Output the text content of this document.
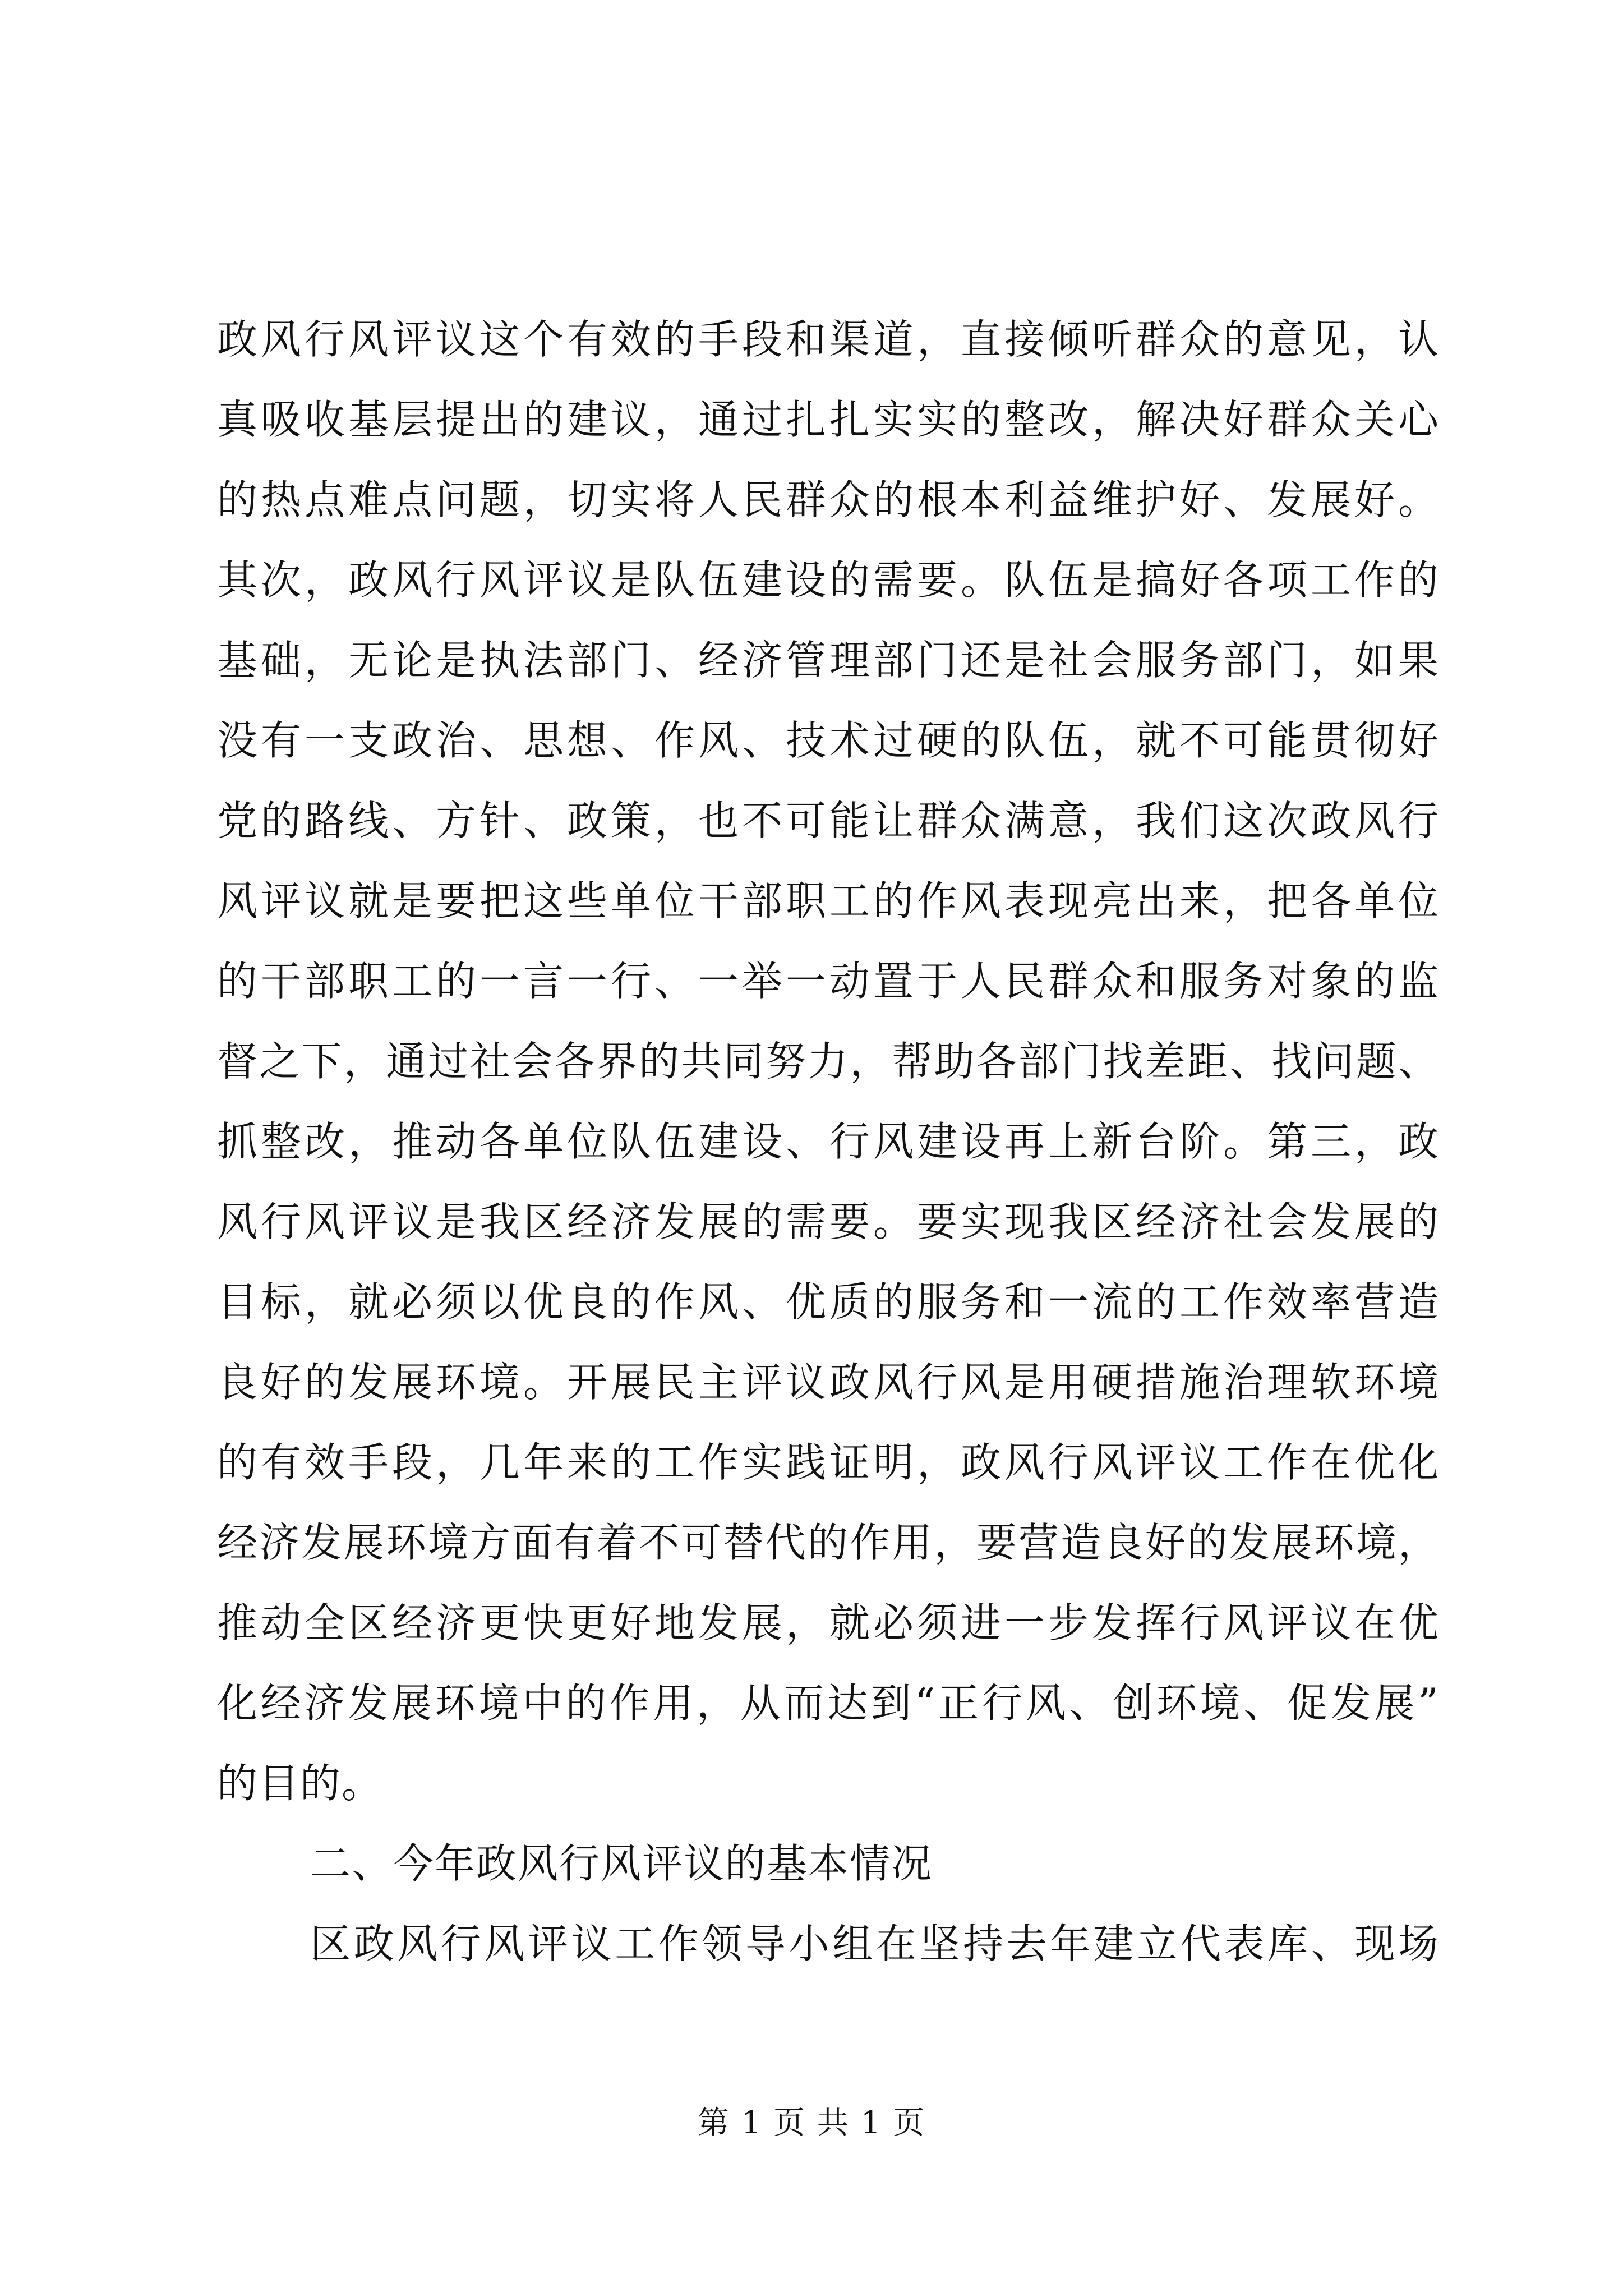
政风行风评议这个有效的手段和渠道，直接倾听群众的意见，认
真吸收基层提出的建议，通过扎扎实实的整改，解决好群众关心
的热点难点问题，切实将人民群众的根本利益维护好、发展好。
其次，政风行风评议是队伍建设的需要。队伍是搞好各项工作的
基础，无论是执法部门、经济管理部门还是社会服务部门，如果
没有一支政治、思想、作风、技术过硬的队伍，就不可能贯彻好
党的路线、方针、政策，也不可能让群众满意，我们这次政风行
风评议就是要把这些单位干部职工的作风表现亮出来，把各单位
的干部职工的一言一行、一举一动置于人民群众和服务对象的监
督之下，通过社会各界的共同努力，帮助各部门找差距、找问题、
抓整改，推动各单位队伍建设、行风建设再上新台阶。第三，政
风行风评议是我区经济发展的需要。要实现我区经济社会发展的
目标，就必须以优良的作风、优质的服务和一流的工作效率营造
良好的发展环境。开展民主评议政风行风是用硬措施治理软环境
的有效手段，几年来的工作实践证明，政风行风评议工作在优化
经济发展环境方面有着不可替代的作用，要营造良好的发展环境，
推动全区经济更快更好地发展，就必须进一步发挥行风评议在优
化经济发展环境中的作用，从而达到“正行风、创环境、促发展”
的目的。
二、今年政风行风评议的基本情况
区政风行风评议工作领导小组在坚持去年建立代表库、现场
第 1 页 共 1 页
